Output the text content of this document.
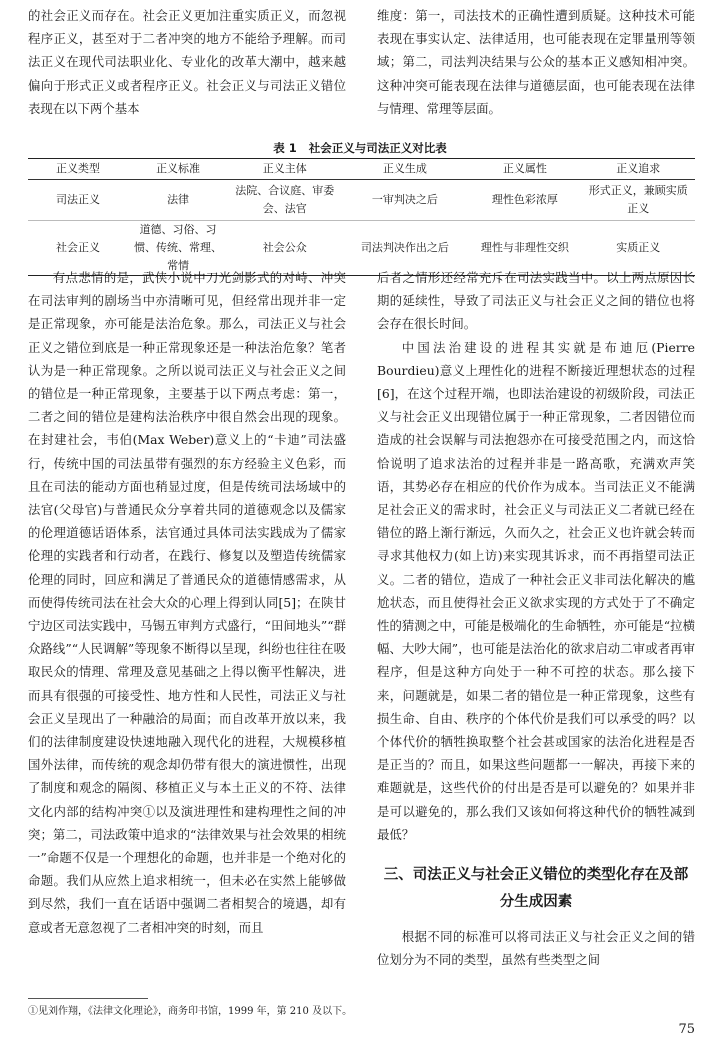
的社会正义而存在。社会正义更加注重实质正义，而忽视程序正义，甚至对于二者冲突的地方不能给予理解。而司法正义在现代司法职业化、专业化的改革大潮中，越来越偏向于形式正义或者程序正义。社会正义与司法正义错位表现在以下两个基本

维度：第一，司法技术的正确性遭到质疑。这种技术可能表现在事实认定、法律适用，也可能表现在定罪量刑等领域；第二，司法判决结果与公众的基本正义感知相冲突。这种冲突可能表现在法律与道德层面，也可能表现在法律与情理、常理等层面。

表 1 社会正义与司法正义对比表
正义类型	正义标准	正义主体	正义生成	正义属性	正义追求
司法正义	法律	法院、合议庭、审委会、法官	一审判决之后	理性色彩浓厚	形式正义，兼顾实质正义
社会正义	道德、习俗、习惯、传统、常理、常情	社会公众	司法判决作出之后	理性与非理性交织	实质正义

有点悲情的是，武侠小说中刀光剑影式的对峙、冲突在司法审判的剧场当中亦清晰可见，但经常出现并非一定是正常现象，亦可能是法治危象。那么，司法正义与社会正义之错位到底是一种正常现象还是一种法治危象？笔者认为是一种正常现象。之所以说司法正义与社会正义之间的错位是一种正常现象，主要基于以下两点考虑：第一，二者之间的错位是建构法治秩序中很自然会出现的现象。在封建社会，韦伯(Max Weber)意义上的“卡迪”司法盛行，传统中国的司法虽带有强烈的东方经验主义色彩，而且在司法的能动方面也稍显过度，但是传统司法场域中的法官(父母官)与普通民众分享着共同的道德观念以及儒家的伦理道德话语体系，法官通过具体司法实践成为了儒家伦理的实践者和行动者，在践行、修复以及塑造传统儒家伦理的同时，回应和满足了普通民众的道德情感需求，从而使得传统司法在社会大众的心理上得到认同[5]；在陕甘宁边区司法实践中，马锡五审判方式盛行，“田间地头”“群众路线”“人民调解”等现象不断得以呈现，纠纷也往往在吸取民众的情理、常理及意见基础之上得以衡平性解决，进而具有很强的可接受性、地方性和人民性，司法正义与社会正义呈现出了一种融洽的局面；而自改革开放以来，我们的法律制度建设快速地融入现代化的进程，大规模移植国外法律，而传统的观念却仍带有很大的演进惯性，出现了制度和观念的隔阂、移植正义与本土正义的不符、法律文化内部的结构冲突①以及演进理性和建构理性之间的冲突；第二，司法政策中追求的“法律效果与社会效果的相统一”命题不仅是一个理想化的命题，也并非是一个绝对化的命题。我们从应然上追求相统一，但未必在实然上能够做到尽然，我们一直在话语中强调二者相契合的境遇，却有意或者无意忽视了二者相冲突的时刻，而且

后者之情形还经常充斥在司法实践当中。以上两点原因长期的延续性，导致了司法正义与社会正义之间的错位也将会存在很长时间。

中国法治建设的进程其实就是布迪厄(Pierre Bourdieu)意义上理性化的进程不断接近理想状态的过程[6]，在这个过程开端，也即法治建设的初级阶段，司法正义与社会正义出现错位属于一种正常现象，二者因错位而造成的社会误解与司法抱怨亦在可接受范围之内，而这恰恰说明了追求法治的过程并非是一路高歌，充满欢声笑语，其势必存在相应的代价作为成本。当司法正义不能满足社会正义的需求时，社会正义与司法正义二者就已经在错位的路上渐行渐远，久而久之，社会正义也许就会转而寻求其他权力(如上访)来实现其诉求，而不再指望司法正义。二者的错位，造成了一种社会正义非司法化解决的尴尬状态，而且使得社会正义欲求实现的方式处于了不确定性的猜测之中，可能是极端化的生命牺牲，亦可能是“拉横幅、大吵大闹”，也可能是法治化的欲求启动二审或者再审程序，但是这种方向处于一种不可控的状态。那么接下来，问题就是，如果二者的错位是一种正常现象，这些有损生命、自由、秩序的个体代价是我们可以承受的吗？以个体代价的牺牲换取整个社会甚或国家的法治化进程是否是正当的？而且，如果这些问题都一一解决，再接下来的难题就是，这些代价的付出是否是可以避免的？如果并非是可以避免的，那么我们又该如何将这种代价的牺牲减到最低？

三、司法正义与社会正义错位的类型化存在及部分生成因素

根据不同的标准可以将司法正义与社会正义之间的错位划分为不同的类型，虽然有些类型之间

①见刘作翔，《法律文化理论》，商务印书馆，1999 年，第 210 及以下。
75
